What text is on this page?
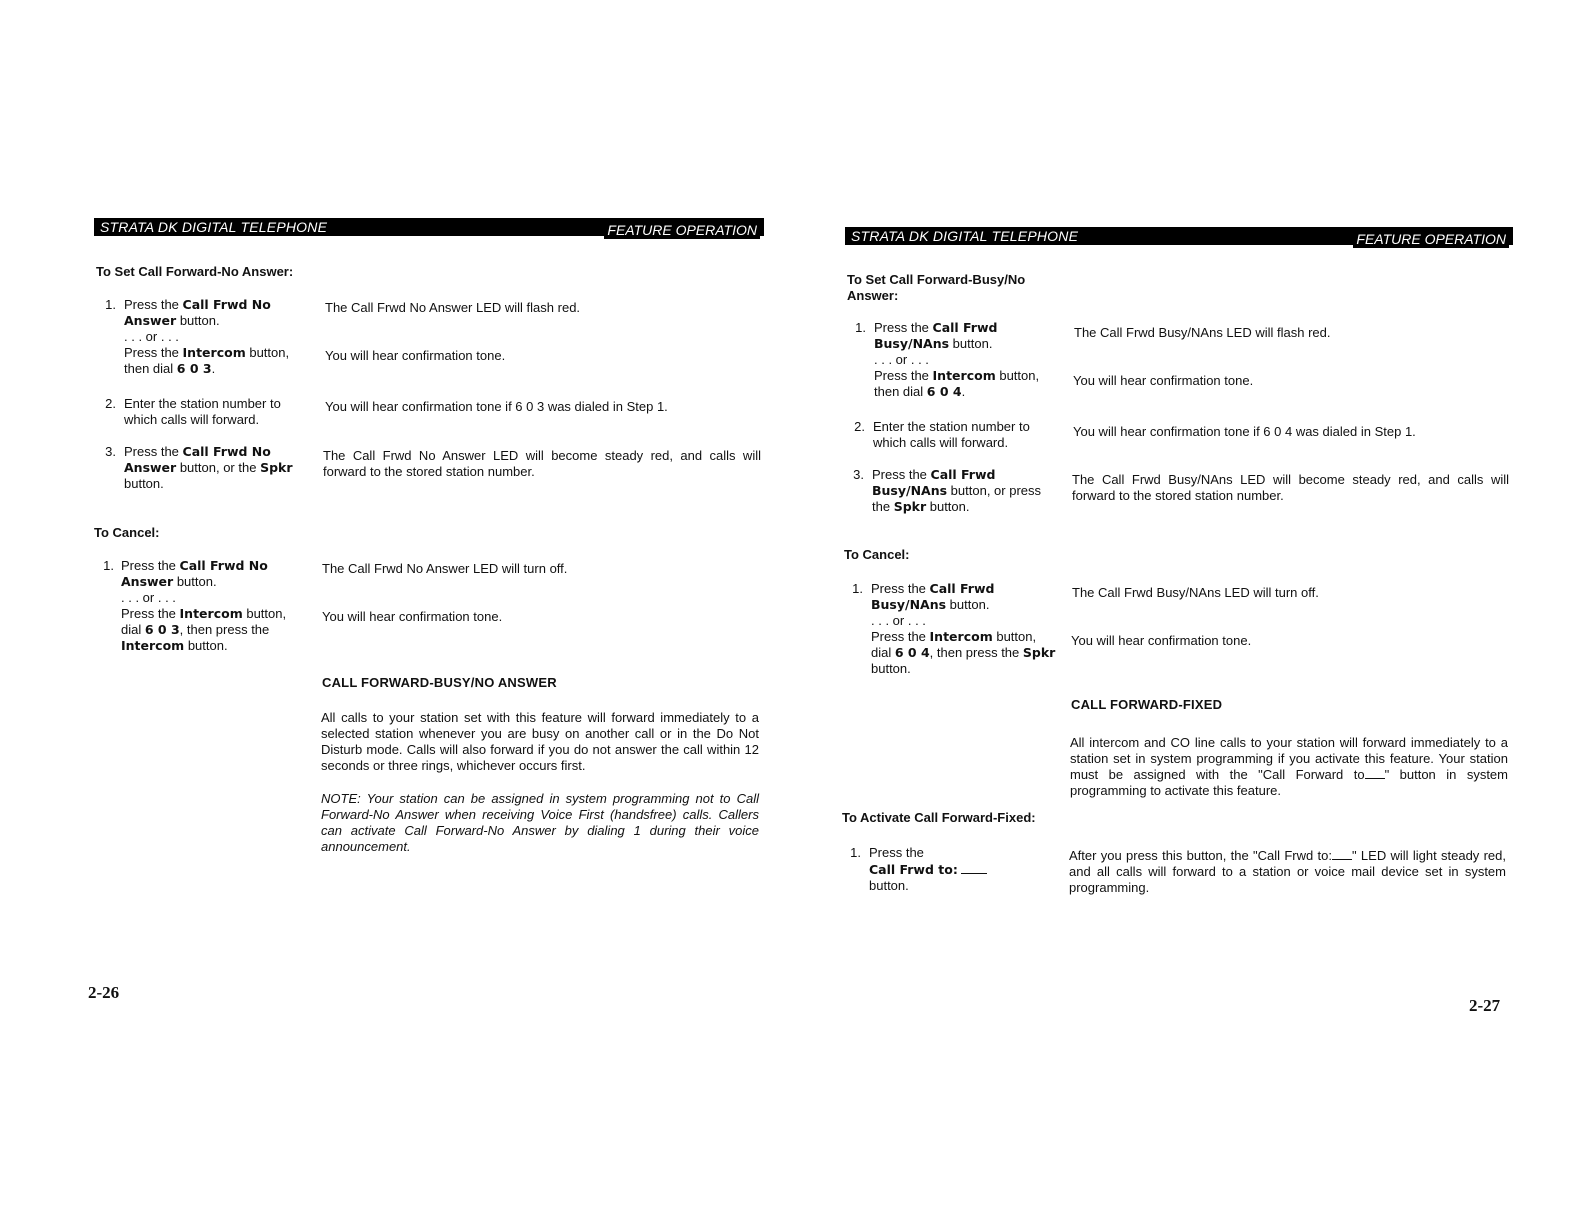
STRATA DK DIGITAL TELEPHONE	FEATURE OPERATION
To Set Call Forward-No Answer:
1. Press the Call Frwd No Answer button.
. . . or . . .
Press the Intercom button, then dial 6 0 3.
The Call Frwd No Answer LED will flash red.
You will hear confirmation tone.
2. Enter the station number to which calls will forward.
You will hear confirmation tone if 6 0 3 was dialed in Step 1.
3. Press the Call Frwd No Answer button, or the Spkr button.
The Call Frwd No Answer LED will become steady red, and calls will forward to the stored station number.
To Cancel:
1. Press the Call Frwd No Answer button.
. . . or . . .
Press the Intercom button, dial 6 0 3, then press the Intercom button.
The Call Frwd No Answer LED will turn off.
You will hear confirmation tone.
CALL FORWARD-BUSY/NO ANSWER
All calls to your station set with this feature will forward immediately to a selected station whenever you are busy on another call or in the Do Not Disturb mode. Calls will also forward if you do not answer the call within 12 seconds or three rings, whichever occurs first.
NOTE: Your station can be assigned in system programming not to Call Forward-No Answer when receiving Voice First (handsfree) calls. Callers can activate Call Forward-No Answer by dialing 1 during their voice announcement.
2-26
STRATA DK DIGITAL TELEPHONE	FEATURE OPERATION
To Set Call Forward-Busy/No Answer:
1. Press the Call Frwd Busy/NAns button.
. . . or . . .
Press the Intercom button, then dial 6 0 4.
The Call Frwd Busy/NAns LED will flash red.
You will hear confirmation tone.
2. Enter the station number to which calls will forward.
You will hear confirmation tone if 6 0 4 was dialed in Step 1.
3. Press the Call Frwd Busy/NAns button, or press the Spkr button.
The Call Frwd Busy/NAns LED will become steady red, and calls will forward to the stored station number.
To Cancel:
1. Press the Call Frwd Busy/NAns button.
. . . or . . .
Press the Intercom button, dial 6 0 4, then press the Spkr button.
The Call Frwd Busy/NAns LED will turn off.
You will hear confirmation tone.
CALL FORWARD-FIXED
All intercom and CO line calls to your station will forward immediately to a station set in system programming if you activate this feature. Your station must be assigned with the "Call Forward to " button in system programming to activate this feature.
To Activate Call Forward-Fixed:
1. Press the
Call Frwd to:
button.
After you press this button, the "Call Frwd to: " LED will light steady red, and all calls will forward to a station or voice mail device set in system programming.
2-27
